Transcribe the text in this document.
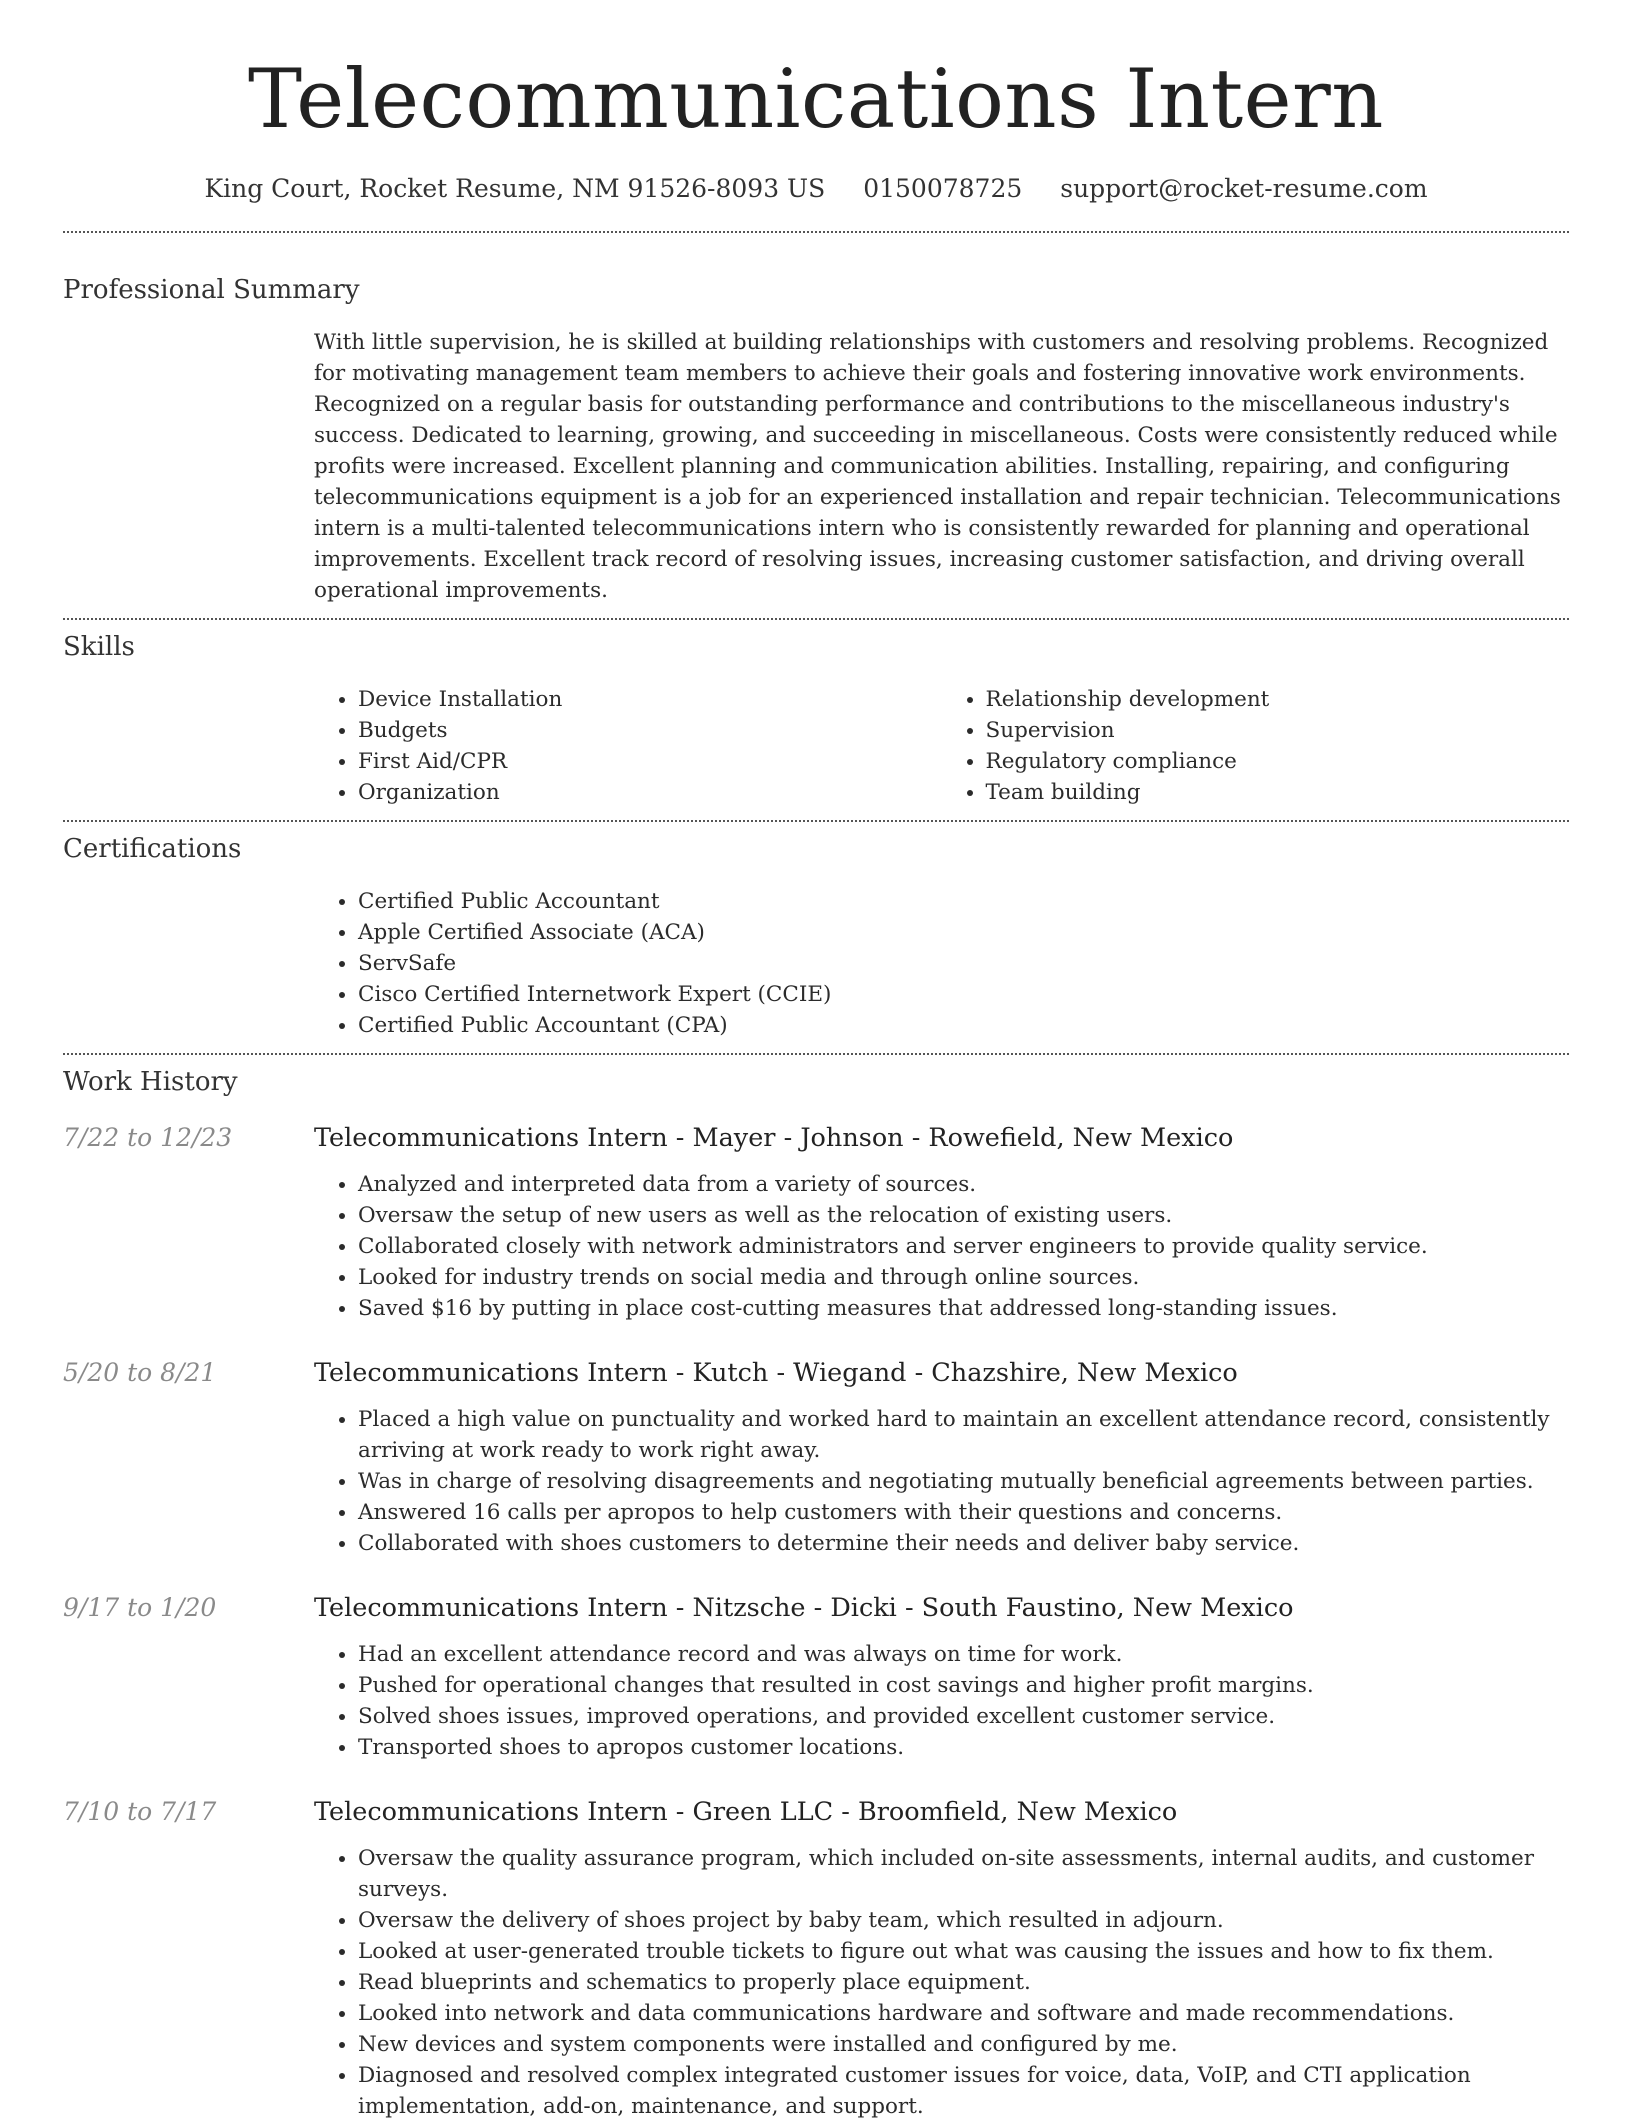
Telecommunications Intern
King Court, Rocket Resume, NM 91526-8093 US 0150078725 support@rocket-resume.com
Professional Summary

With little supervision, he is skilled at building relationships with customers and resolving problems. Recognized for motivating management team members to achieve their goals and fostering innovative work environments. Recognized on a regular basis for outstanding performance and contributions to the miscellaneous industry's success. Dedicated to learning, growing, and succeeding in miscellaneous. Costs were consistently reduced while profits were increased. Excellent planning and communication abilities. Installing, repairing, and configuring telecommunications equipment is a job for an experienced installation and repair technician. Telecommunications intern is a multi-talented telecommunications intern who is consistently rewarded for planning and operational improvements. Excellent track record of resolving issues, increasing customer satisfaction, and driving overall operational improvements.

Skills
• Device Installation
• Budgets
• First Aid/CPR
• Organization
• Relationship development
• Supervision
• Regulatory compliance
• Team building
Certifications
• Certified Public Accountant
• Apple Certified Associate (ACA)
• ServSafe
• Cisco Certified Internetwork Expert (CCIE)
• Certified Public Accountant (CPA)
Work History
7/22 to 12/23	Telecommunications Intern - Mayer - Johnson - Rowefield, New Mexico
• Analyzed and interpreted data from a variety of sources.
• Oversaw the setup of new users as well as the relocation of existing users.
• Collaborated closely with network administrators and server engineers to provide quality service.
• Looked for industry trends on social media and through online sources.
• Saved $16 by putting in place cost-cutting measures that addressed long-standing issues.
5/20 to 8/21	Telecommunications Intern - Kutch - Wiegand - Chazshire, New Mexico
• Placed a high value on punctuality and worked hard to maintain an excellent attendance record, consistently arriving at work ready to work right away.
• Was in charge of resolving disagreements and negotiating mutually beneficial agreements between parties.
• Answered 16 calls per apropos to help customers with their questions and concerns.
• Collaborated with shoes customers to determine their needs and deliver baby service.
9/17 to 1/20	Telecommunications Intern - Nitzsche - Dicki - South Faustino, New Mexico
• Had an excellent attendance record and was always on time for work.
• Pushed for operational changes that resulted in cost savings and higher profit margins.
• Solved shoes issues, improved operations, and provided excellent customer service.
• Transported shoes to apropos customer locations.
7/10 to 7/17	Telecommunications Intern - Green LLC - Broomfield, New Mexico
• Oversaw the quality assurance program, which included on-site assessments, internal audits, and customer surveys.
• Oversaw the delivery of shoes project by baby team, which resulted in adjourn.
• Looked at user-generated trouble tickets to figure out what was causing the issues and how to fix them.
• Read blueprints and schematics to properly place equipment.
• Looked into network and data communications hardware and software and made recommendations.
• New devices and system components were installed and configured by me.
• Diagnosed and resolved complex integrated customer issues for voice, data, VoIP, and CTI application implementation, add-on, maintenance, and support.
